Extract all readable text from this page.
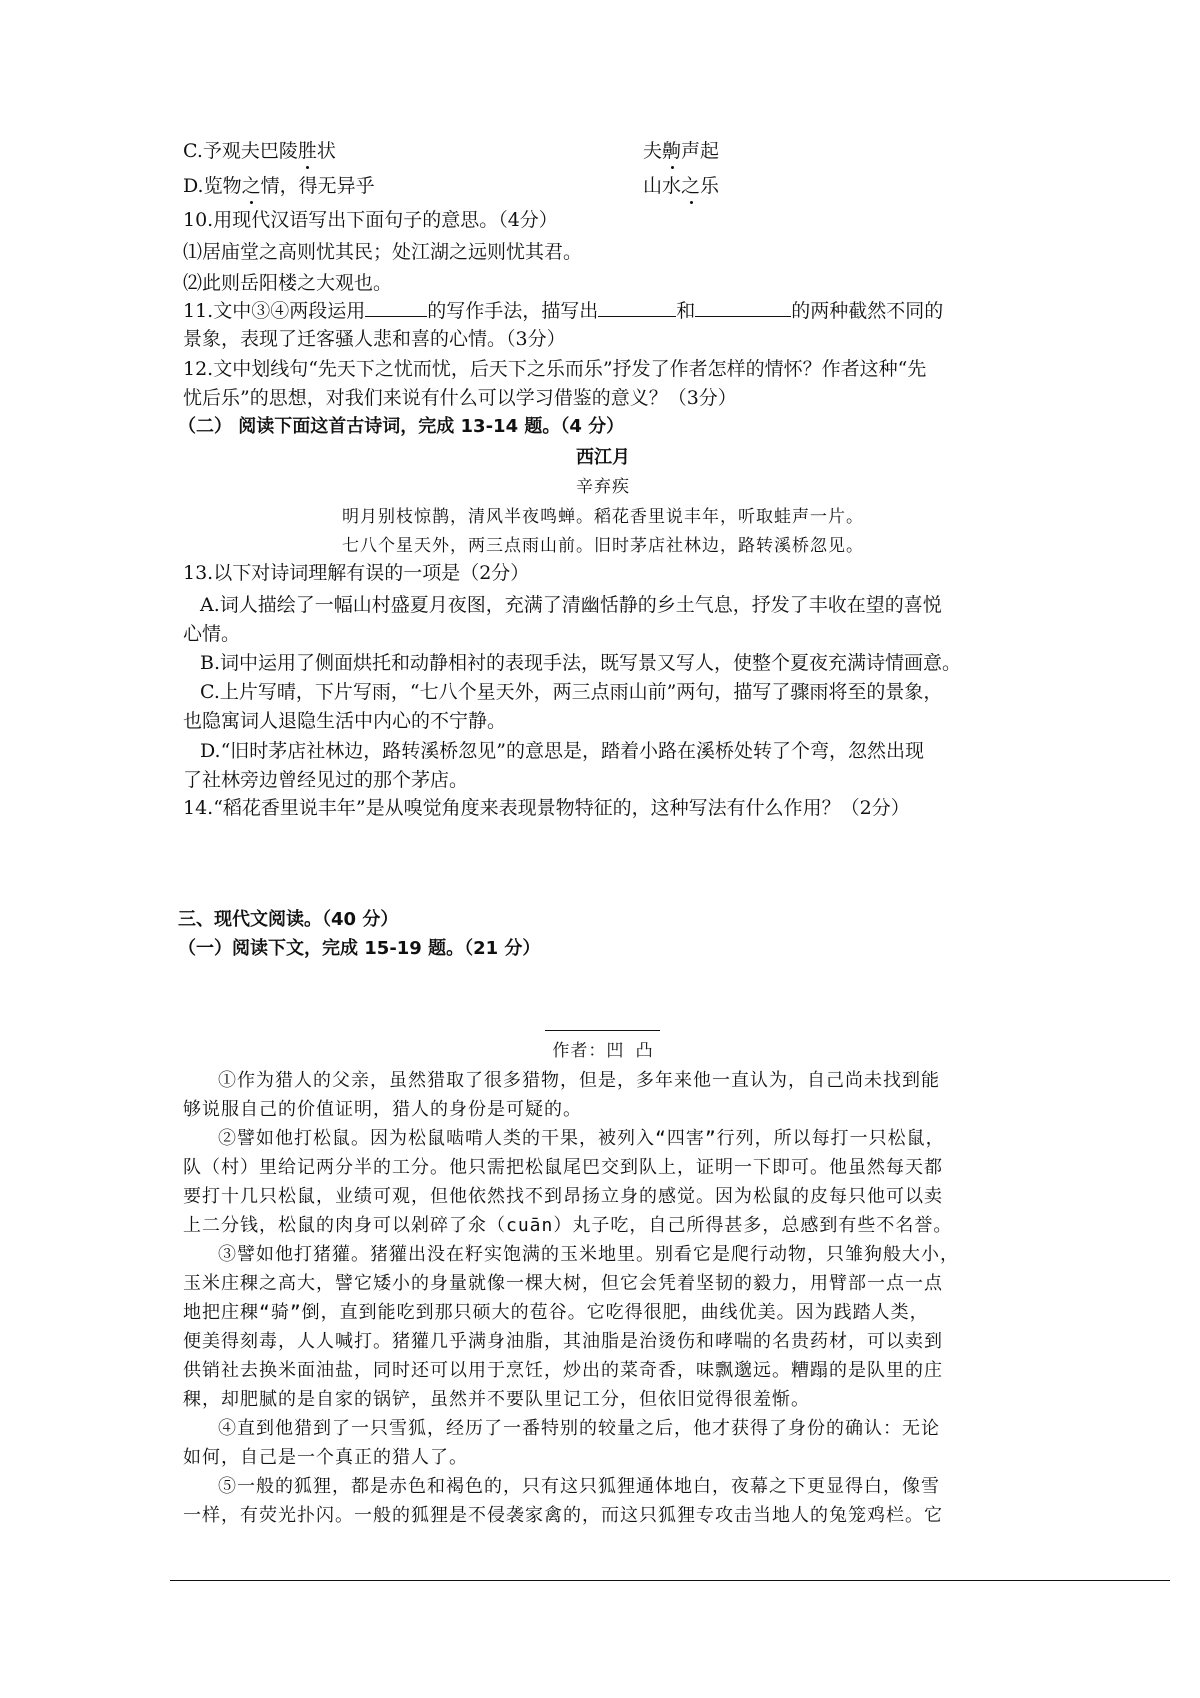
C.予观夫巴陵胜状	夫齁声起
D.览物之情，得无异乎	山水之乐
10.用现代汉语写出下面句子的意思。（4分）
⑴居庙堂之高则忧其民；处江湖之远则忧其君。
⑵此则岳阳楼之大观也。
11.文中③④两段运用	的写作手法，描写出	和	的两种截然不同的
景象，表现了迁客骚人悲和喜的心情。（3分）
12.文中划线句“先天下之忧而忧，后天下之乐而乐”抒发了作者怎样的情怀？作者这种“先
忧后乐”的思想，对我们来说有什么可以学习借鉴的意义？（3分）
（二） 阅读下面这首古诗词，完成 13-14 题。（4 分）
西江月
辛弃疾
明月别枝惊鹊，清风半夜鸣蝉。稻花香里说丰年，听取蛙声一片。
七八个星天外，两三点雨山前。旧时茅店社林边，路转溪桥忽见。
13.以下对诗词理解有误的一项是（2分）
A.词人描绘了一幅山村盛夏月夜图，充满了清幽恬静的乡土气息，抒发了丰收在望的喜悦
心情。
B.词中运用了侧面烘托和动静相衬的表现手法，既写景又写人，使整个夏夜充满诗情画意。
C.上片写晴，下片写雨，“七八个星天外，两三点雨山前”两句，描写了骤雨将至的景象，
也隐寓词人退隐生活中内心的不宁静。
D.“旧时茅店社林边，路转溪桥忽见”的意思是，踏着小路在溪桥处转了个弯，忽然出现
了社林旁边曾经见过的那个茅店。
14.“稻花香里说丰年”是从嗅觉角度来表现景物特征的，这种写法有什么作用？（2分）
三、现代文阅读。（40 分）
（一）阅读下文，完成 15-19 题。（21 分）
作者：凹 凸
①作为猎人的父亲，虽然猎取了很多猎物，但是，多年来他一直认为，自己尚未找到能
够说服自己的价值证明，猎人的身份是可疑的。
②譬如他打松鼠。因为松鼠啮啃人类的干果，被列入“四害”行列，所以每打一只松鼠，
队（村）里给记两分半的工分。他只需把松鼠尾巴交到队上，证明一下即可。他虽然每天都
要打十几只松鼠，业绩可观，但他依然找不到昂扬立身的感觉。因为松鼠的皮每只他可以卖
上二分钱，松鼠的肉身可以剁碎了氽（cuān）丸子吃，自己所得甚多，总感到有些不名誉。
③譬如他打猪獾。猪獾出没在籽实饱满的玉米地里。别看它是爬行动物，只雏狗般大小，
玉米庄稞之高大，譬它矮小的身量就像一棵大树，但它会凭着坚韧的毅力，用臂部一点一点
地把庄稞“骑”倒，直到能吃到那只硕大的苞谷。它吃得很肥，曲线优美。因为践踏人类，
便美得刻毒，人人喊打。猪獾几乎满身油脂，其油脂是治烫伤和哮喘的名贵药材，可以卖到
供销社去换米面油盐，同时还可以用于烹饪，炒出的菜奇香，味飘邈远。糟蹋的是队里的庄
稞，却肥腻的是自家的锅铲，虽然并不要队里记工分，但依旧觉得很羞惭。
④直到他猎到了一只雪狐，经历了一番特别的较量之后，他才获得了身份的确认：无论
如何，自己是一个真正的猎人了。
⑤一般的狐狸，都是赤色和褐色的，只有这只狐狸通体地白，夜幕之下更显得白，像雪
一样，有荧光扑闪。一般的狐狸是不侵袭家禽的，而这只狐狸专攻击当地人的兔笼鸡栏。它
